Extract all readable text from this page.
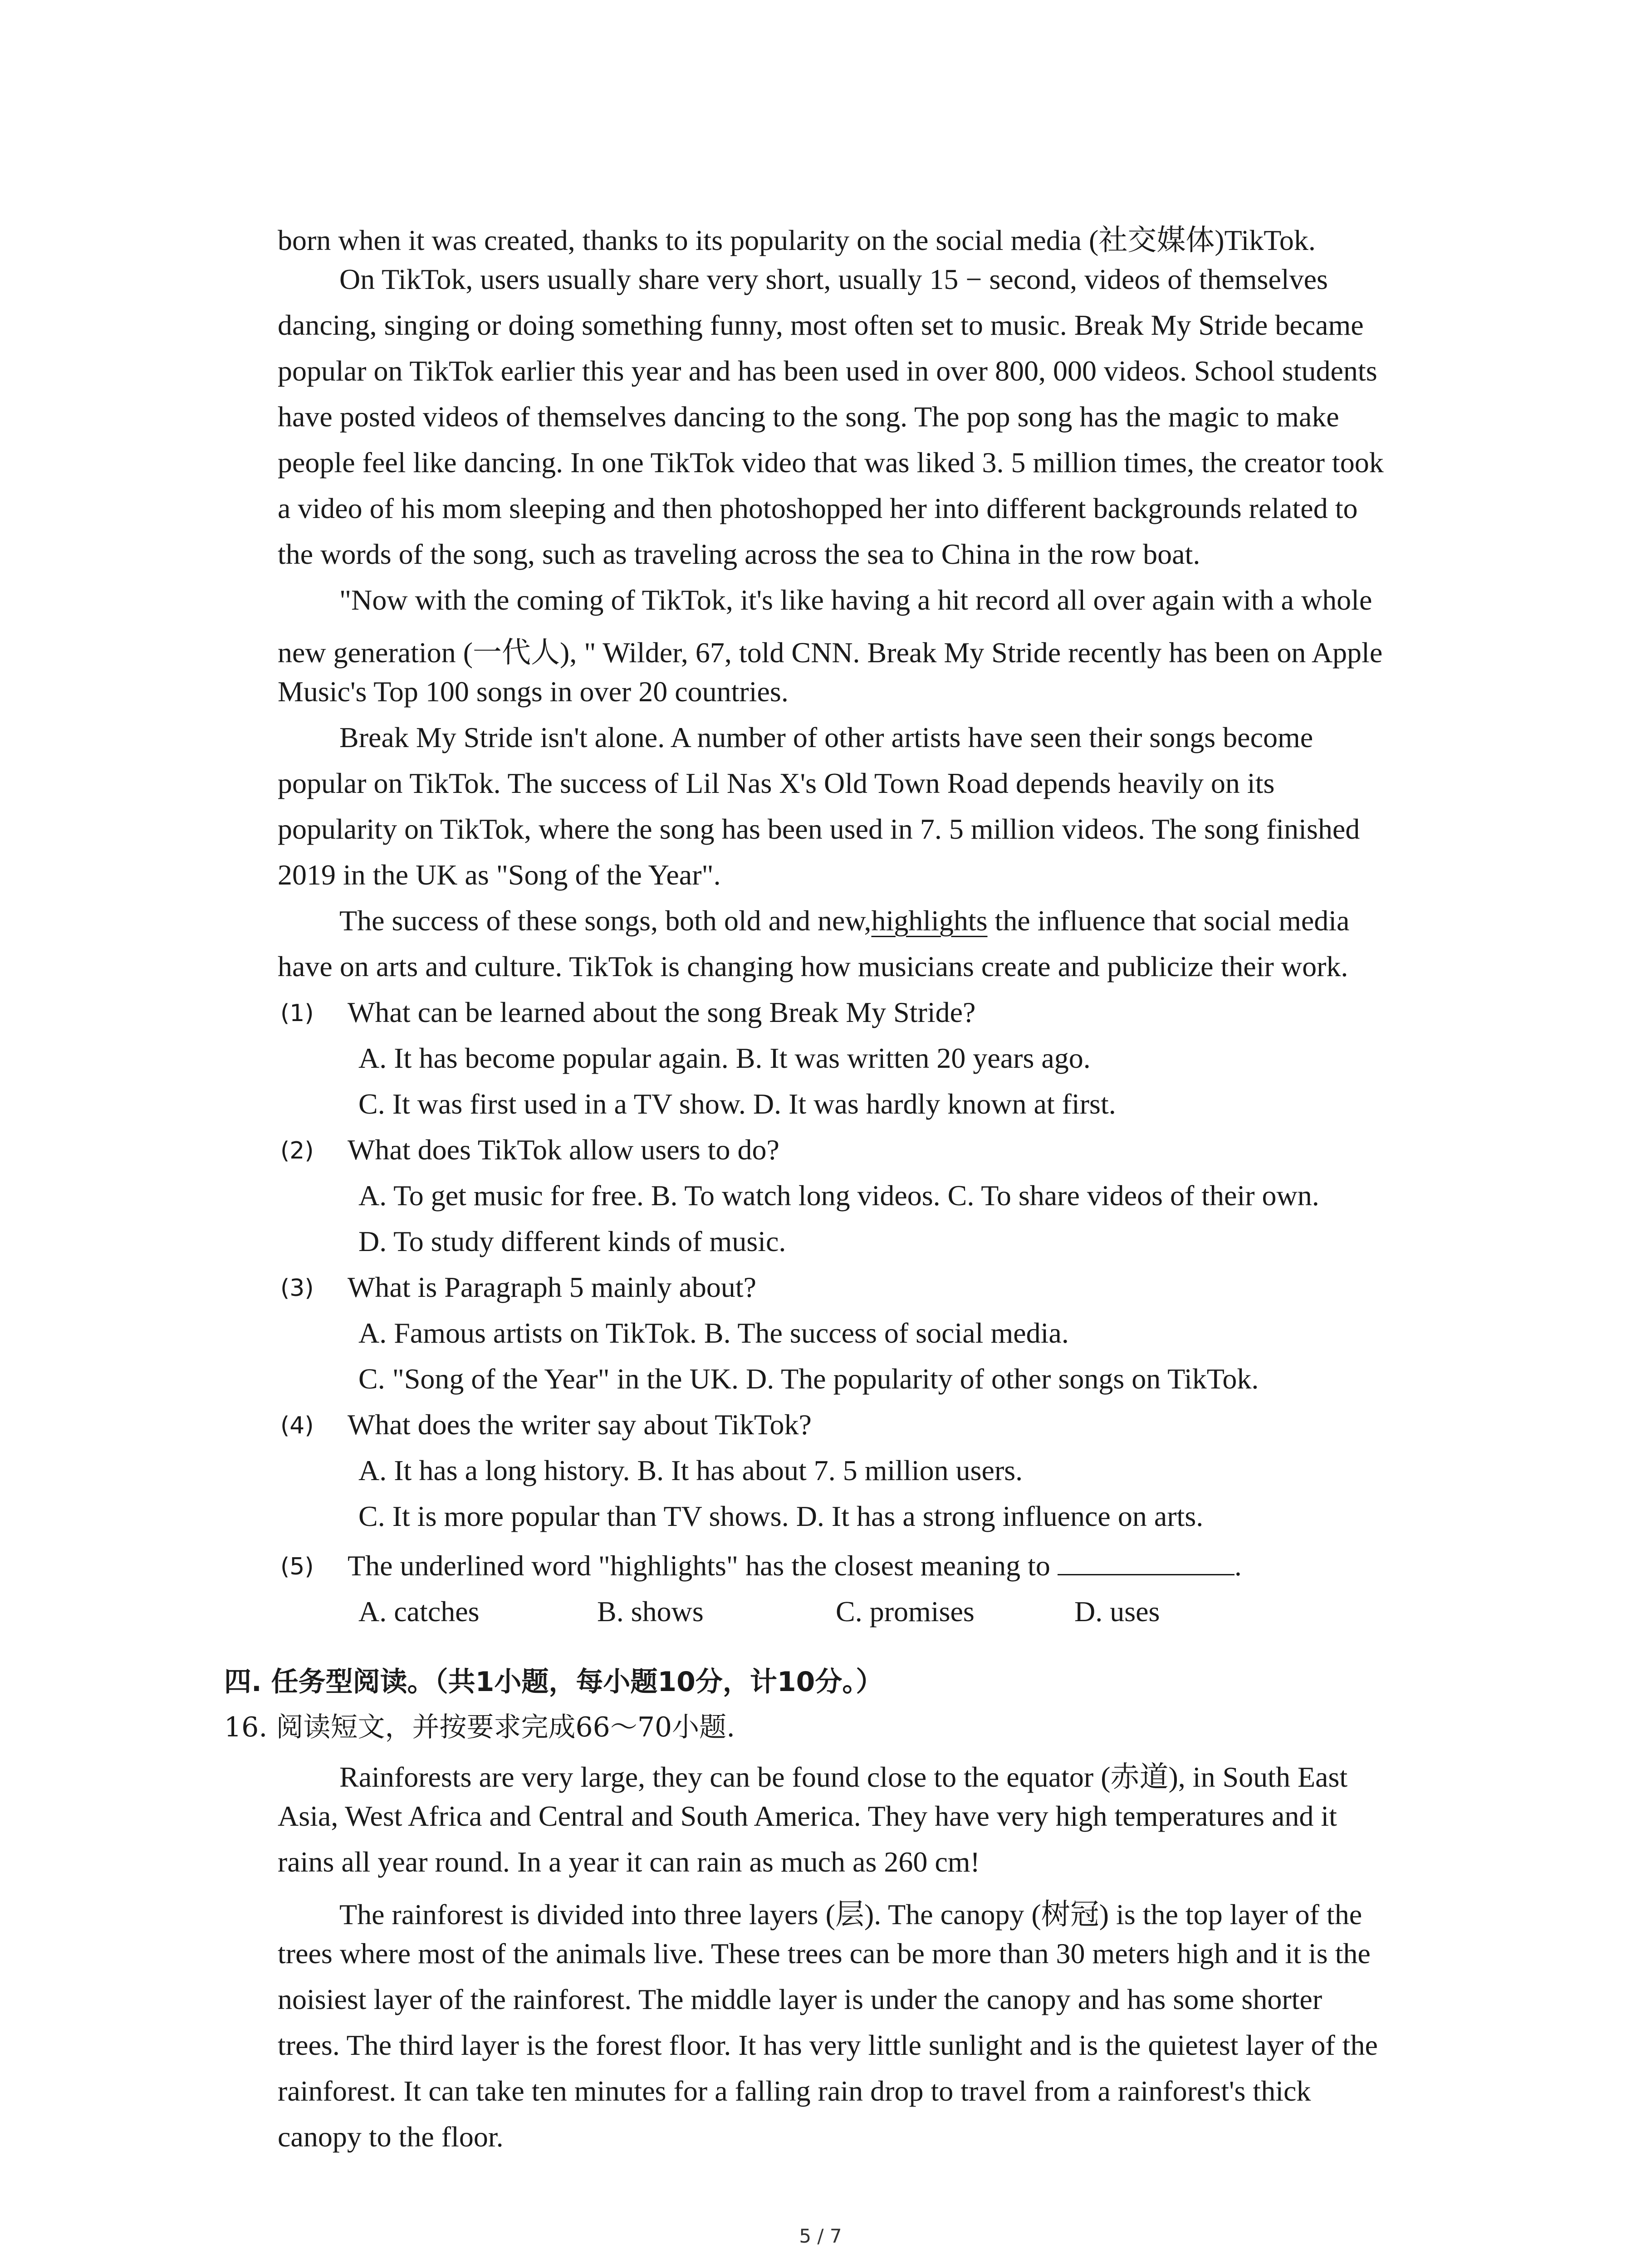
born when it was created, thanks to its popularity on the social media (社交媒体)TikTok.
On TikTok, users usually share very short, usually 15 − second, videos of themselves
dancing, singing or doing something funny, most often set to music. Break My Stride became
popular on TikTok earlier this year and has been used in over 800, 000 videos. School students
have posted videos of themselves dancing to the song. The pop song has the magic to make
people feel like dancing. In one TikTok video that was liked 3. 5 million times, the creator took
a video of his mom sleeping and then photoshopped her into different backgrounds related to
the words of the song, such as traveling across the sea to China in the row boat.
"Now with the coming of TikTok, it's like having a hit record all over again with a whole
new generation (一代人), " Wilder, 67, told CNN. Break My Stride recently has been on Apple
Music's Top 100 songs in over 20 countries.
Break My Stride isn't alone. A number of other artists have seen their songs become
popular on TikTok. The success of Lil Nas X's Old Town Road depends heavily on its
popularity on TikTok, where the song has been used in 7. 5 million videos. The song finished
2019 in the UK as "Song of the Year".
The success of these songs, both old and new,highlights the influence that social media
have on arts and culture. TikTok is changing how musicians create and publicize their work.
(1) What can be learned about the song Break My Stride?
A. It has become popular again. B. It was written 20 years ago.
C. It was first used in a TV show. D. It was hardly known at first.
(2) What does TikTok allow users to do?
A. To get music for free. B. To watch long videos. C. To share videos of their own.
D. To study different kinds of music.
(3) What is Paragraph 5 mainly about?
A. Famous artists on TikTok. B. The success of social media.
C. "Song of the Year" in the UK. D. The popularity of other songs on TikTok.
(4) What does the writer say about TikTok?
A. It has a long history. B. It has about 7. 5 million users.
C. It is more popular than TV shows. D. It has a strong influence on arts.
(5) The underlined word "highlights" has the closest meaning to	.
A. catches	B. shows	C. promises	D. uses
四. 任务型阅读。（共1小题，每小题10分，计10分。）
16. 阅读短文，并按要求完成66～70小题.
Rainforests are very large, they can be found close to the equator (赤道), in South East
Asia, West Africa and Central and South America. They have very high temperatures and it
rains all year round. In a year it can rain as much as 260 cm!
The rainforest is divided into three layers (层). The canopy (树冠) is the top layer of the
trees where most of the animals live. These trees can be more than 30 meters high and it is the
noisiest layer of the rainforest. The middle layer is under the canopy and has some shorter
trees. The third layer is the forest floor. It has very little sunlight and is the quietest layer of the
rainforest. It can take ten minutes for a falling rain drop to travel from a rainforest's thick
canopy to the floor.
5 / 7
